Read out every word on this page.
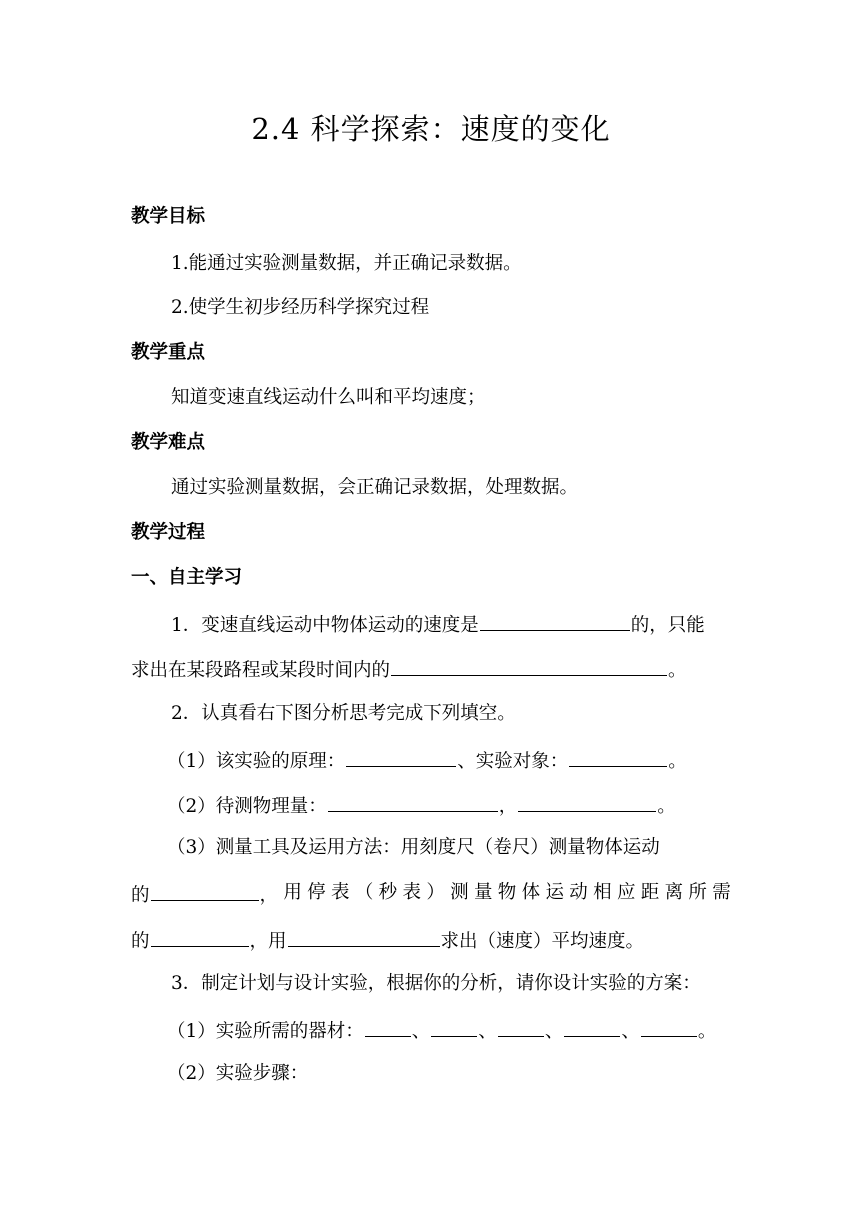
2.4 科学探索：速度的变化
教学目标
1.能通过实验测量数据，并正确记录数据。
2.使学生初步经历科学探究过程
教学重点
知道变速直线运动什么叫和平均速度；
教学难点
通过实验测量数据，会正确记录数据，处理数据。
教学过程
一、自主学习
1．变速直线运动中物体运动的速度是	的，只能
求出在某段路程或某段时间内的	。
2．认真看右下图分析思考完成下列填空。
（1）该实验的原理：	、实验对象：	。
（2）待测物理量：	，	。
（3）测量工具及运用方法：用刻度尺（卷尺）测量物体运动
的	， 用 停 表 （ 秒 表 ） 测 量 物 体 运 动 相 应 距 离 所 需
的	，用	求出（速度）平均速度。
3．制定计划与设计实验，根据你的分析，请你设计实验的方案：
（1）实验所需的器材：	、	、	、	、	。
（2）实验步骤：
